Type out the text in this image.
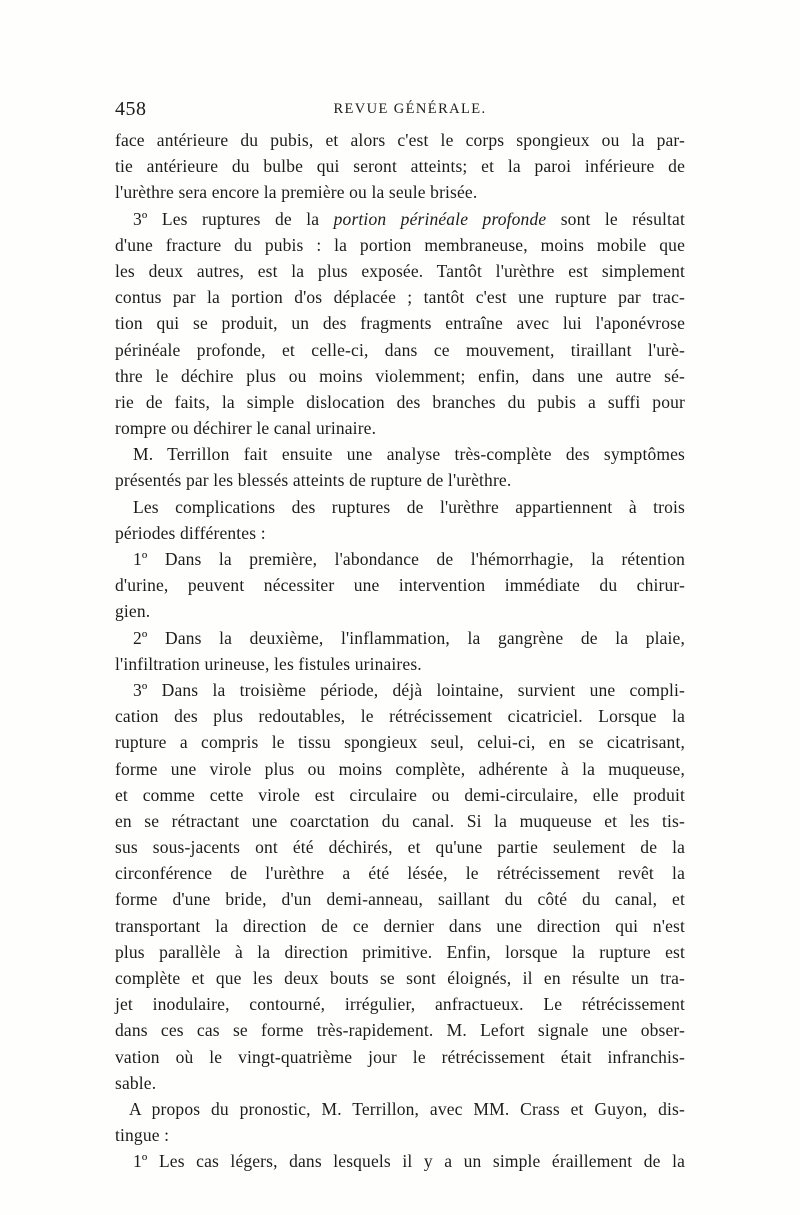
458	REVUE GÉNÉRALE.
face antérieure du pubis, et alors c'est le corps spongieux ou la par-
tie antérieure du bulbe qui seront atteints; et la paroi inférieure de
l'urèthre sera encore la première ou la seule brisée.
3º Les ruptures de la portion périnéale profonde sont le résultat
d'une fracture du pubis : la portion membraneuse, moins mobile que
les deux autres, est la plus exposée. Tantôt l'urèthre est simplement
contus par la portion d'os déplacée ; tantôt c'est une rupture par trac-
tion qui se produit, un des fragments entraîne avec lui l'aponévrose
périnéale profonde, et celle-ci, dans ce mouvement, tiraillant l'urè-
thre le déchire plus ou moins violemment; enfin, dans une autre sé-
rie de faits, la simple dislocation des branches du pubis a suffi pour
rompre ou déchirer le canal urinaire.
M. Terrillon fait ensuite une analyse très-complète des symptômes
présentés par les blessés atteints de rupture de l'urèthre.
Les complications des ruptures de l'urèthre appartiennent à trois
périodes différentes :
1º Dans la première, l'abondance de l'hémorrhagie, la rétention
d'urine, peuvent nécessiter une intervention immédiate du chirur-
gien.
2º Dans la deuxième, l'inflammation, la gangrène de la plaie,
l'infiltration urineuse, les fistules urinaires.
3º Dans la troisième période, déjà lointaine, survient une compli-
cation des plus redoutables, le rétrécissement cicatriciel. Lorsque la
rupture a compris le tissu spongieux seul, celui-ci, en se cicatrisant,
forme une virole plus ou moins complète, adhérente à la muqueuse,
et comme cette virole est circulaire ou demi-circulaire, elle produit
en se rétractant une coarctation du canal. Si la muqueuse et les tis-
sus sous-jacents ont été déchirés, et qu'une partie seulement de la
circonférence de l'urèthre a été lésée, le rétrécissement revêt la
forme d'une bride, d'un demi-anneau, saillant du côté du canal, et
transportant la direction de ce dernier dans une direction qui n'est
plus parallèle à la direction primitive. Enfin, lorsque la rupture est
complète et que les deux bouts se sont éloignés, il en résulte un tra-
jet inodulaire, contourné, irrégulier, anfractueux. Le rétrécissement
dans ces cas se forme très-rapidement. M. Lefort signale une obser-
vation où le vingt-quatrième jour le rétrécissement était infranchis-
sable.
A propos du pronostic, M. Terrillon, avec MM. Crass et Guyon, dis-
tingue :
1º Les cas légers, dans lesquels il y a un simple éraillement de la
